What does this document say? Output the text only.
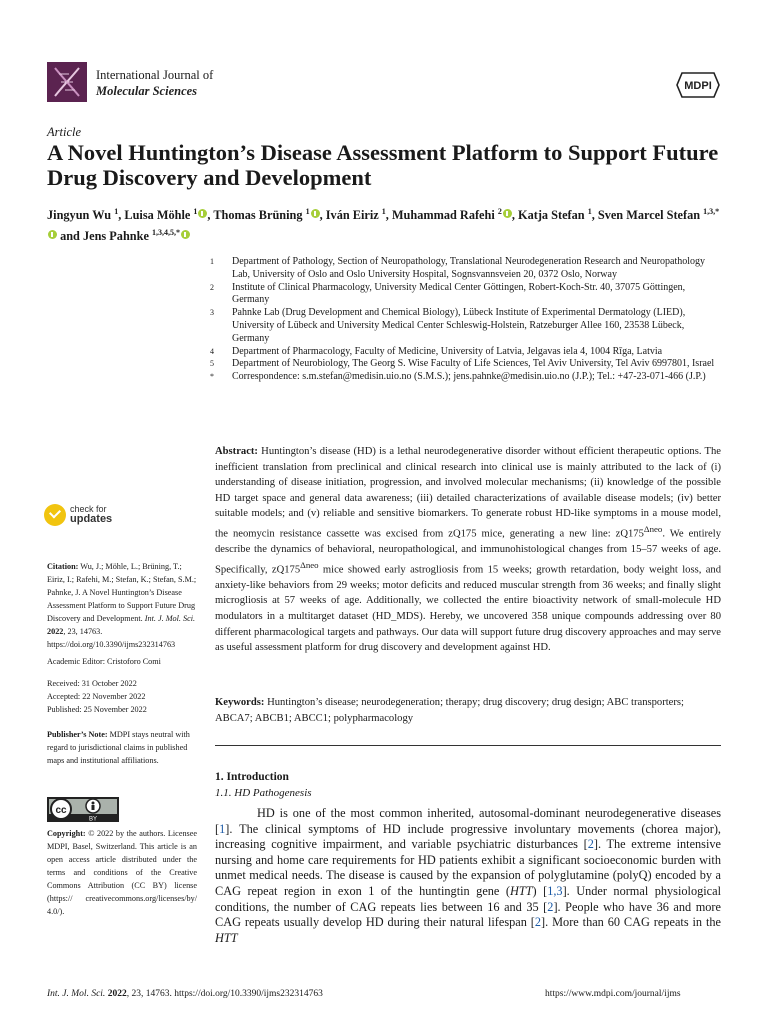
International Journal of
Molecular Sciences	MDPI
Article
A Novel Huntington’s Disease Assessment Platform to Support Future Drug Discovery and Development
Jingyun Wu $^1$, Luisa Möhle $^1$ , Thomas Brüning $^1$ , Iván Eiriz $^1$, Muhammad Rafehi $^2$ , Katja Stefan $^1$, Sven Marcel Stefan $^{1,3,*}$ and Jens Pahnke $^{1,3,4,5,*}$
1	Department of Pathology, Section of Neuropathology, Translational Neurodegeneration Research and Neuropathology Lab, University of Oslo and Oslo University Hospital, Sognsvannsveien 20, 0372 Oslo, Norway
2	Institute of Clinical Pharmacology, University Medical Center Göttingen, Robert-Koch-Str. 40, 37075 Göttingen, Germany
3	Pahnke Lab (Drug Development and Chemical Biology), Lübeck Institute of Experimental Dermatology (LIED), University of Lübeck and University Medical Center Schleswig-Holstein, Ratzeburger Allee 160, 23538 Lübeck, Germany
4	Department of Pharmacology, Faculty of Medicine, University of Latvia, Jelgavas iela 4, 1004 Rīga, Latvia
5	Department of Neurobiology, The Georg S. Wise Faculty of Life Sciences, Tel Aviv University, Tel Aviv 6997801, Israel
*	Correspondence: s.m.stefan@medisin.uio.no (S.M.S.); jens.pahnke@medisin.uio.no (J.P.); Tel.: +47-23-071-466 (J.P.)
Abstract: Huntington’s disease (HD) is a lethal neurodegenerative disorder without efficient therapeutic options. The inefficient translation from preclinical and clinical research into clinical use is mainly attributed to the lack of (i) understanding of disease initiation, progression, and involved molecular mechanisms; (ii) knowledge of the possible HD target space and general data awareness; (iii) detailed characterizations of available disease models; (iv) better suitable models; and (v) reliable and sensitive biomarkers. To generate robust HD-like symptoms in a mouse model, the neomycin resistance cassette was excised from zQ175 mice, generating a new line: $zQ175^{\Delta neo}$. We entirely describe the dynamics of behavioral, neuropathological, and immunohistological changes from 15–57 weeks of age. Specifically, $zQ175^{\Delta neo}$ mice showed early astrogliosis from 15 weeks; growth retardation, body weight loss, and anxiety-like behaviors from 29 weeks; motor deficits and reduced muscular strength from 36 weeks; and finally slight microgliosis at 57 weeks of age. Additionally, we collected the entire bioactivity network of small-molecule HD modulators in a multitarget dataset (HD_MDS). Hereby, we uncovered 358 unique compounds addressing over 80 different pharmacological targets and pathways. Our data will support future drug discovery approaches and may serve as useful assessment platform for drug discovery and development against HD.
Keywords: Huntington’s disease; neurodegeneration; therapy; drug discovery; drug design; ABC transporters; ABCA7; ABCB1; ABCC1; polypharmacology
1. Introduction
1.1. HD Pathogenesis
HD is one of the most common inherited, autosomal-dominant neurodegenerative diseases [1]. The clinical symptoms of HD include progressive involuntary movements (chorea major), increasing cognitive impairment, and variable psychiatric disturbances [2]. The extreme intensive nursing and home care requirements for HD patients exhibit a significant socioeconomic burden with unmet medical needs. The disease is caused by the expansion of polyglutamine (polyQ) encoded by a CAG repeat region in exon 1 of the huntingtin gene (HTT) [1,3]. Under normal physiological conditions, the number of CAG repeats lies between 16 and 35 [2]. People who have 36 and more CAG repeats usually develop HD during their natural lifespan [2]. More than 60 CAG repeats in the HTT
check for
updates
Citation: Wu, J.; Möhle, L.; Brüning, T.; Eiriz, I.; Rafehi, M.; Stefan, K.; Stefan, S.M.; Pahnke, J. A Novel Huntington’s Disease Assessment Platform to Support Future Drug Discovery and Development. Int. J. Mol. Sci. 2022, 23, 14763. https://doi.org/10.3390/ijms232314763
Academic Editor: Cristoforo Comi
Received: 31 October 2022
Accepted: 22 November 2022
Published: 25 November 2022
Publisher’s Note: MDPI stays neutral with regard to jurisdictional claims in published maps and institutional affiliations.
cc
BY
Copyright: © 2022 by the authors. Licensee MDPI, Basel, Switzerland. This article is an open access article distributed under the terms and conditions of the Creative Commons Attribution (CC BY) license (https:// creativecommons.org/licenses/by/ 4.0/).
Int. J. Mol. Sci. 2022, 23, 14763. https://doi.org/10.3390/ijms232314763	https://www.mdpi.com/journal/ijms
